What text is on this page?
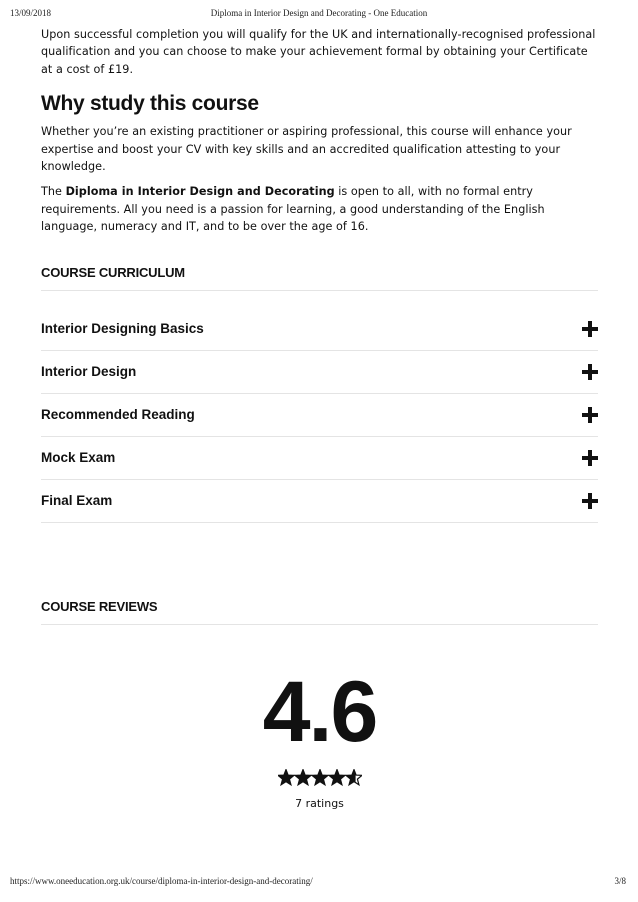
13/09/2018	Diploma in Interior Design and Decorating - One Education

Upon successful completion you will qualify for the UK and internationally-recognised professional qualification and you can choose to make your achievement formal by obtaining your Certificate at a cost of £19.

Why study this course

Whether you’re an existing practitioner or aspiring professional, this course will enhance your expertise and boost your CV with key skills and an accredited qualification attesting to your knowledge.

The Diploma in Interior Design and Decorating is open to all, with no formal entry requirements. All you need is a passion for learning, a good understanding of the English language, numeracy and IT, and to be over the age of 16.

COURSE CURRICULUM
Interior Designing Basics
Interior Design
Recommended Reading
Mock Exam
Final Exam
COURSE REVIEWS
4.6
7 ratings
https://www.oneeducation.org.uk/course/diploma-in-interior-design-and-decorating/	3/8
